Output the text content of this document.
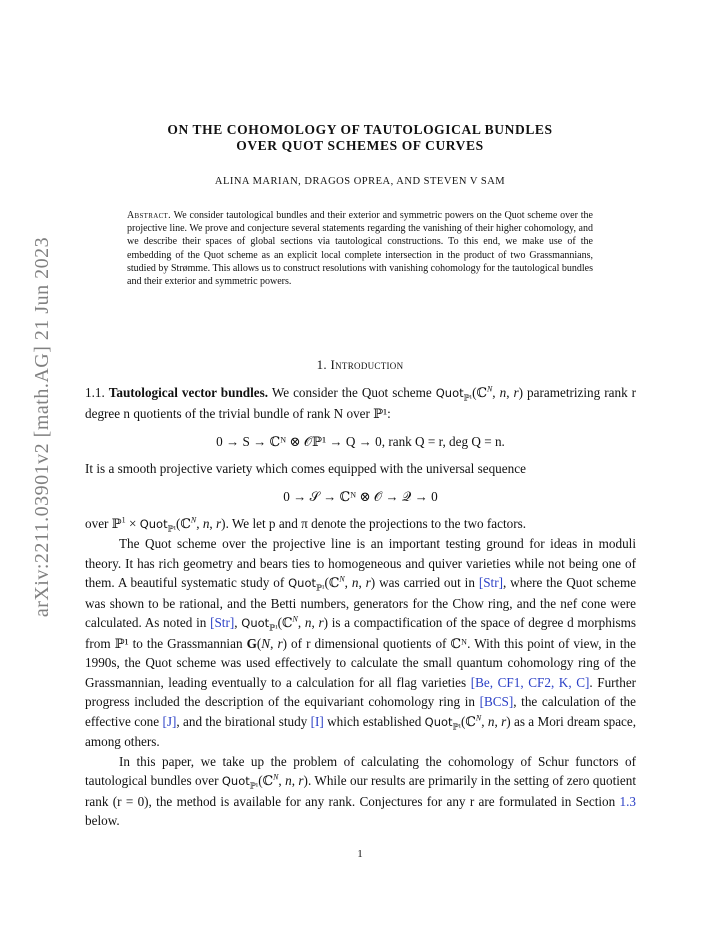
arXiv:2211.03901v2 [math.AG] 21 Jun 2023
ON THE COHOMOLOGY OF TAUTOLOGICAL BUNDLES
OVER QUOT SCHEMES OF CURVES
ALINA MARIAN, DRAGOS OPREA, AND STEVEN V SAM
Abstract. We consider tautological bundles and their exterior and symmetric powers on the Quot scheme over the projective line. We prove and conjecture several statements regarding the vanishing of their higher cohomology, and we describe their spaces of global sections via tautological constructions. To this end, we make use of the embedding of the Quot scheme as an explicit local complete intersection in the product of two Grassmannians, studied by Strømme. This allows us to construct resolutions with vanishing cohomology for the tautological bundles and their exterior and symmetric powers.
1. Introduction

1.1. Tautological vector bundles. We consider the Quot scheme Quot$_{ℙ^1}$(ℂ$^N$, n, r) parametrizing rank r degree n quotients of the trivial bundle of rank N over ℙ¹:

0 → S → ℂᴺ ⊗ 𝒪ℙ¹ → Q → 0, rank Q = r, deg Q = n.

It is a smooth projective variety which comes equipped with the universal sequence

0 → 𝒮 → ℂᴺ ⊗ 𝒪 → 𝒬 → 0

over ℙ$^1$ × Quot$_{ℙ^1}$(ℂ$^N$, n, r). We let p and π denote the projections to the two factors.

The Quot scheme over the projective line is an important testing ground for ideas in moduli theory. It has rich geometry and bears ties to homogeneous and quiver varieties while not being one of them. A beautiful systematic study of Quot$_{ℙ^1}$(ℂ$^N$, n, r) was carried out in [Str], where the Quot scheme was shown to be rational, and the Betti numbers, generators for the Chow ring, and the nef cone were calculated. As noted in [Str], Quot$_{ℙ^1}$(ℂ$^N$, n, r) is a compactification of the space of degree d morphisms from ℙ¹ to the Grassmannian G(N, r) of r dimensional quotients of ℂᴺ. With this point of view, in the 1990s, the Quot scheme was used effectively to calculate the small quantum cohomology ring of the Grassmannian, leading eventually to a calculation for all flag varieties [Be, CF1, CF2, K, C]. Further progress included the description of the equivariant cohomology ring in [BCS], the calculation of the effective cone [J], and the birational study [I] which established Quot$_{ℙ^1}$(ℂ$^N$, n, r) as a Mori dream space, among others.

In this paper, we take up the problem of calculating the cohomology of Schur functors of tautological bundles over Quot$_{ℙ^1}$(ℂ$^N$, n, r). While our results are primarily in the setting of zero quotient rank (r = 0), the method is available for any rank. Conjectures for any r are formulated in Section 1.3 below.

1
